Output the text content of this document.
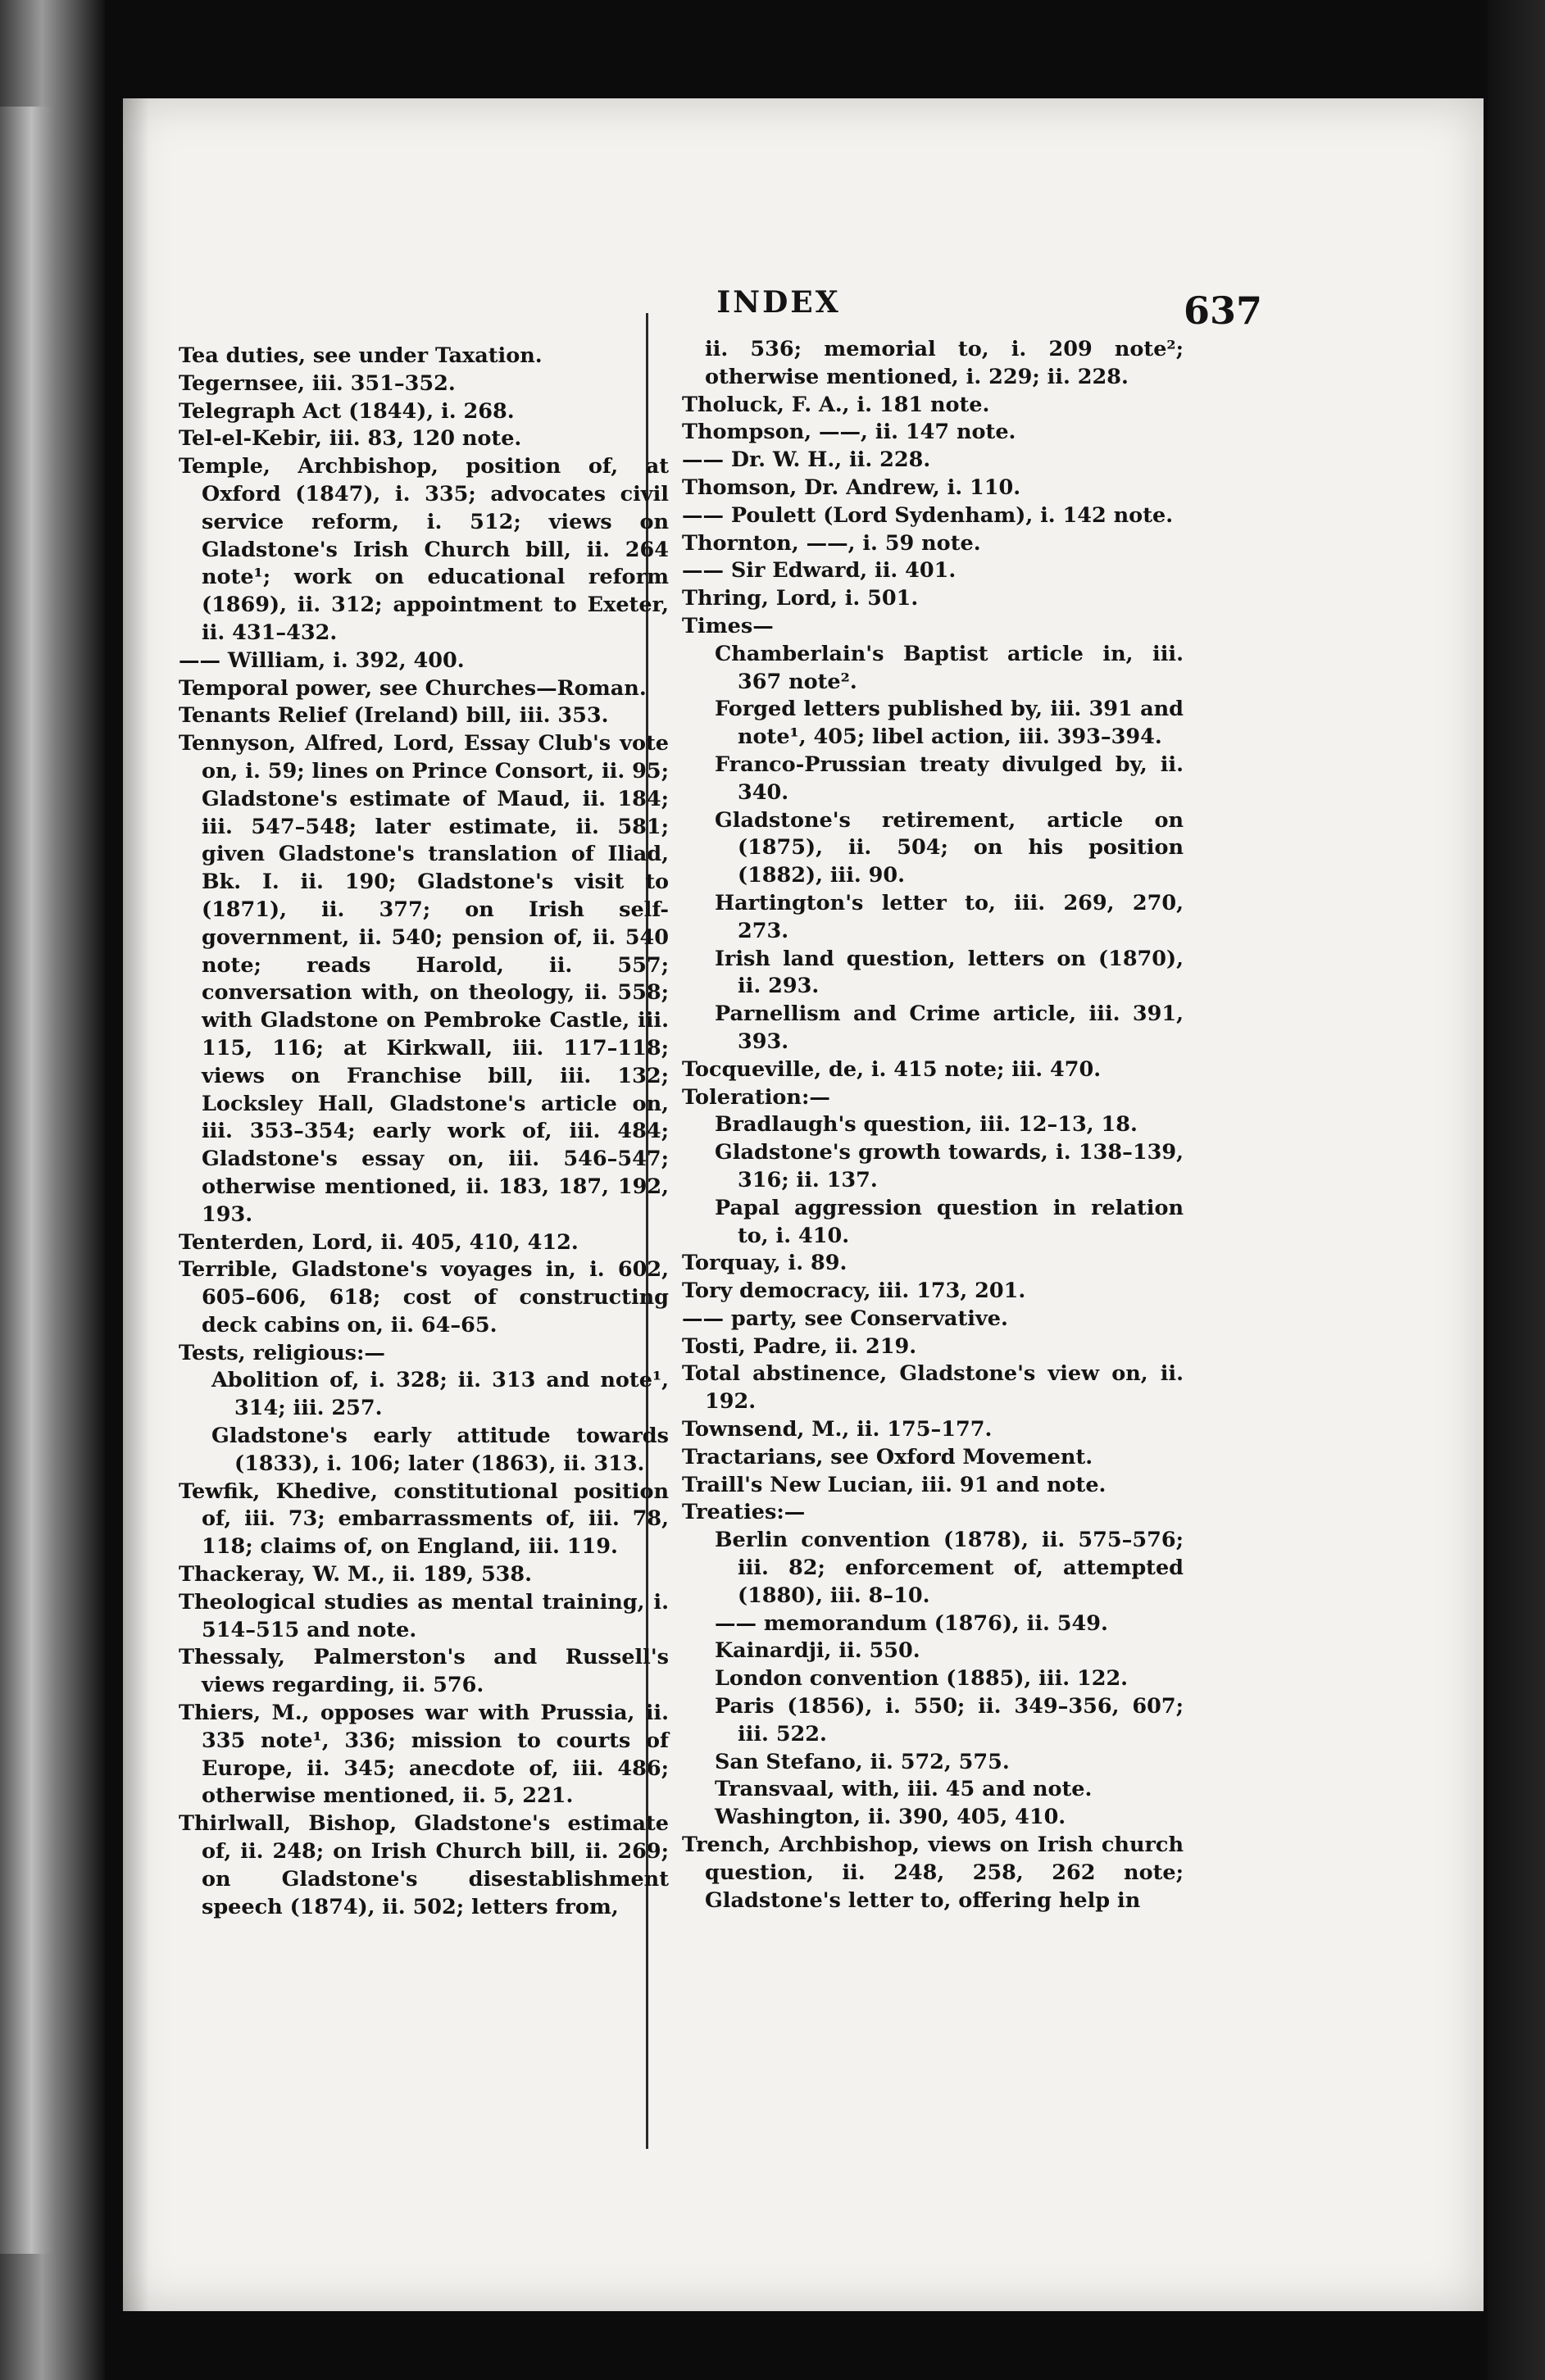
INDEX	637

Tea duties, see under Taxation.

Tegernsee, iii. 351–352.

Telegraph Act (1844), i. 268.

Tel-el-Kebir, iii. 83, 120 note.

Temple, Archbishop, position of, at Oxford (1847), i. 335; advocates civil service reform, i. 512; views on Gladstone's Irish Church bill, ii. 264 note¹; work on educational reform (1869), ii. 312; appointment to Exeter, ii. 431–432.

—— William, i. 392, 400.

Temporal power, see Churches—Roman.

Tenants Relief (Ireland) bill, iii. 353.

Tennyson, Alfred, Lord, Essay Club's vote on, i. 59; lines on Prince Consort, ii. 95; Gladstone's estimate of Maud, ii. 184; iii. 547–548; later estimate, ii. 581; given Gladstone's translation of Iliad, Bk. I. ii. 190; Gladstone's visit to (1871), ii. 377; on Irish self-government, ii. 540; pension of, ii. 540 note; reads Harold, ii. 557; conversation with, on theology, ii. 558; with Gladstone on Pembroke Castle, iii. 115, 116; at Kirkwall, iii. 117–118; views on Franchise bill, iii. 132; Locksley Hall, Gladstone's article on, iii. 353–354; early work of, iii. 484; Gladstone's essay on, iii. 546–547; otherwise mentioned, ii. 183, 187, 192, 193.

Tenterden, Lord, ii. 405, 410, 412.

Terrible, Gladstone's voyages in, i. 602, 605–606, 618; cost of constructing deck cabins on, ii. 64–65.

Tests, religious:—

Abolition of, i. 328; ii. 313 and note¹, 314; iii. 257.

Gladstone's early attitude towards (1833), i. 106; later (1863), ii. 313.

Tewfik, Khedive, constitutional position of, iii. 73; embarrassments of, iii. 78, 118; claims of, on England, iii. 119.

Thackeray, W. M., ii. 189, 538.

Theological studies as mental training, i. 514–515 and note.

Thessaly, Palmerston's and Russell's views regarding, ii. 576.

Thiers, M., opposes war with Prussia, ii. 335 note¹, 336; mission to courts of Europe, ii. 345; anecdote of, iii. 486; otherwise mentioned, ii. 5, 221.

Thirlwall, Bishop, Gladstone's estimate of, ii. 248; on Irish Church bill, ii. 269; on Gladstone's disestablishment speech (1874), ii. 502; letters from,

ii. 536; memorial to, i. 209 note²; otherwise mentioned, i. 229; ii. 228.

Tholuck, F. A., i. 181 note.

Thompson, ——, ii. 147 note.

—— Dr. W. H., ii. 228.

Thomson, Dr. Andrew, i. 110.

—— Poulett (Lord Sydenham), i. 142 note.

Thornton, ——, i. 59 note.

—— Sir Edward, ii. 401.

Thring, Lord, i. 501.

Times—

Chamberlain's Baptist article in, iii. 367 note².

Forged letters published by, iii. 391 and note¹, 405; libel action, iii. 393–394.

Franco-Prussian treaty divulged by, ii. 340.

Gladstone's retirement, article on (1875), ii. 504; on his position (1882), iii. 90.

Hartington's letter to, iii. 269, 270, 273.

Irish land question, letters on (1870), ii. 293.

Parnellism and Crime article, iii. 391, 393.

Tocqueville, de, i. 415 note; iii. 470.

Toleration:—

Bradlaugh's question, iii. 12–13, 18.

Gladstone's growth towards, i. 138–139, 316; ii. 137.

Papal aggression question in relation to, i. 410.

Torquay, i. 89.

Tory democracy, iii. 173, 201.

—— party, see Conservative.

Tosti, Padre, ii. 219.

Total abstinence, Gladstone's view on, ii. 192.

Townsend, M., ii. 175–177.

Tractarians, see Oxford Movement.

Traill's New Lucian, iii. 91 and note.

Treaties:—

Berlin convention (1878), ii. 575–576; iii. 82; enforcement of, attempted (1880), iii. 8–10.

—— memorandum (1876), ii. 549.

Kainardji, ii. 550.

London convention (1885), iii. 122.

Paris (1856), i. 550; ii. 349–356, 607; iii. 522.

San Stefano, ii. 572, 575.

Transvaal, with, iii. 45 and note.

Washington, ii. 390, 405, 410.

Trench, Archbishop, views on Irish church question, ii. 248, 258, 262 note; Gladstone's letter to, offering help in
